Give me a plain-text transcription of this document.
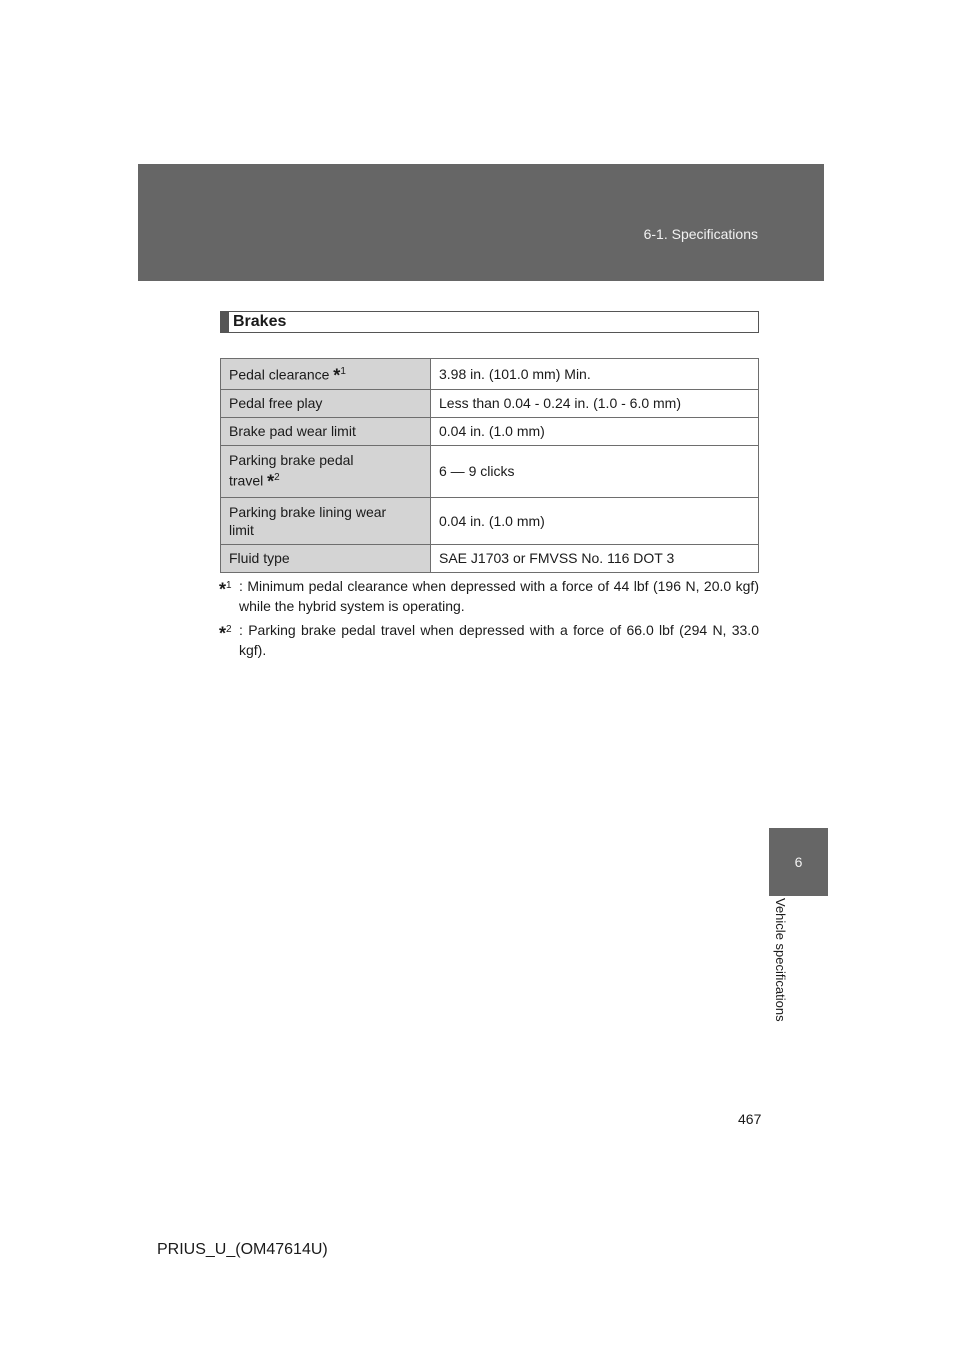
6-1. Specifications
6
Vehicle specifications
Brakes
Pedal clearance *$^1$	3.98 in. (101.0 mm) Min.
Pedal free play	Less than 0.04 - 0.24 in. (1.0 - 6.0 mm)
Brake pad wear limit	0.04 in. (1.0 mm)

Parking brake pedal
travel *$^2$	6 — 9 clicks

Parking brake lining wear
limit	0.04 in. (1.0 mm)
Fluid type	SAE J1703 or FMVSS No. 116 DOT 3
*$^1$ : Minimum pedal clearance when depressed with a force of 44 lbf (196 N, 20.0 kgf) while the hybrid system is operating.
*$^2$ : Parking brake pedal travel when depressed with a force of 66.0 lbf (294 N, 33.0 kgf).
467
PRIUS_U_(OM47614U)
